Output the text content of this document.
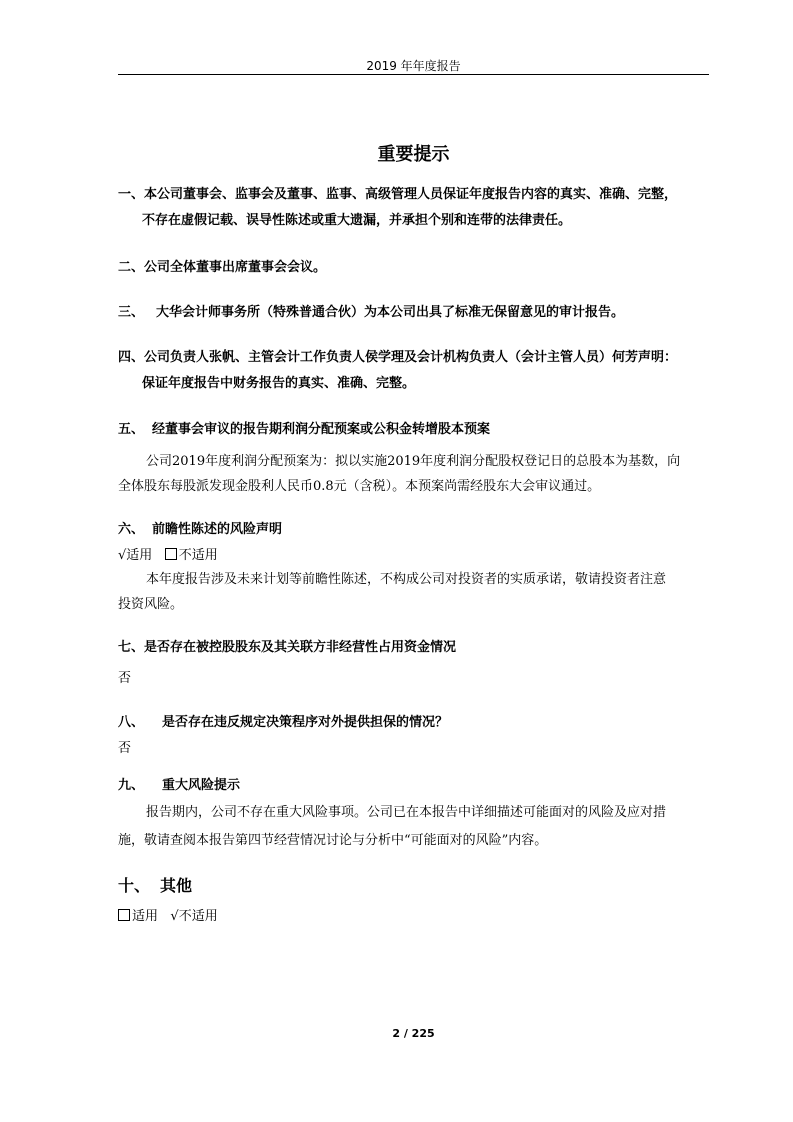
2019 年年度报告
重要提示
一、本公司董事会、监事会及董事、监事、高级管理人员保证年度报告内容的真实、准确、完整，
不存在虚假记载、误导性陈述或重大遗漏，并承担个别和连带的法律责任。
二、公司全体董事出席董事会会议。
三、 大华会计师事务所（特殊普通合伙）为本公司出具了标准无保留意见的审计报告。
四、公司负责人张帆、主管会计工作负责人侯学理及会计机构负责人（会计主管人员）何芳声明：
保证年度报告中财务报告的真实、准确、完整。
五、 经董事会审议的报告期利润分配预案或公积金转增股本预案
公司2019年度利润分配预案为：拟以实施2019年度利润分配股权登记日的总股本为基数，向
全体股东每股派发现金股利人民币0.8元（含税）。本预案尚需经股东大会审议通过。
六、 前瞻性陈述的风险声明
√适用 不适用
本年度报告涉及未来计划等前瞻性陈述，不构成公司对投资者的实质承诺，敬请投资者注意
投资风险。
七、是否存在被控股股东及其关联方非经营性占用资金情况
否
八、 是否存在违反规定决策程序对外提供担保的情况？
否
九、 重大风险提示
报告期内，公司不存在重大风险事项。公司已在本报告中详细描述可能面对的风险及应对措
施，敬请查阅本报告第四节经营情况讨论与分析中“可能面对的风险”内容。
十、 其他
适用 √不适用
2 / 225
